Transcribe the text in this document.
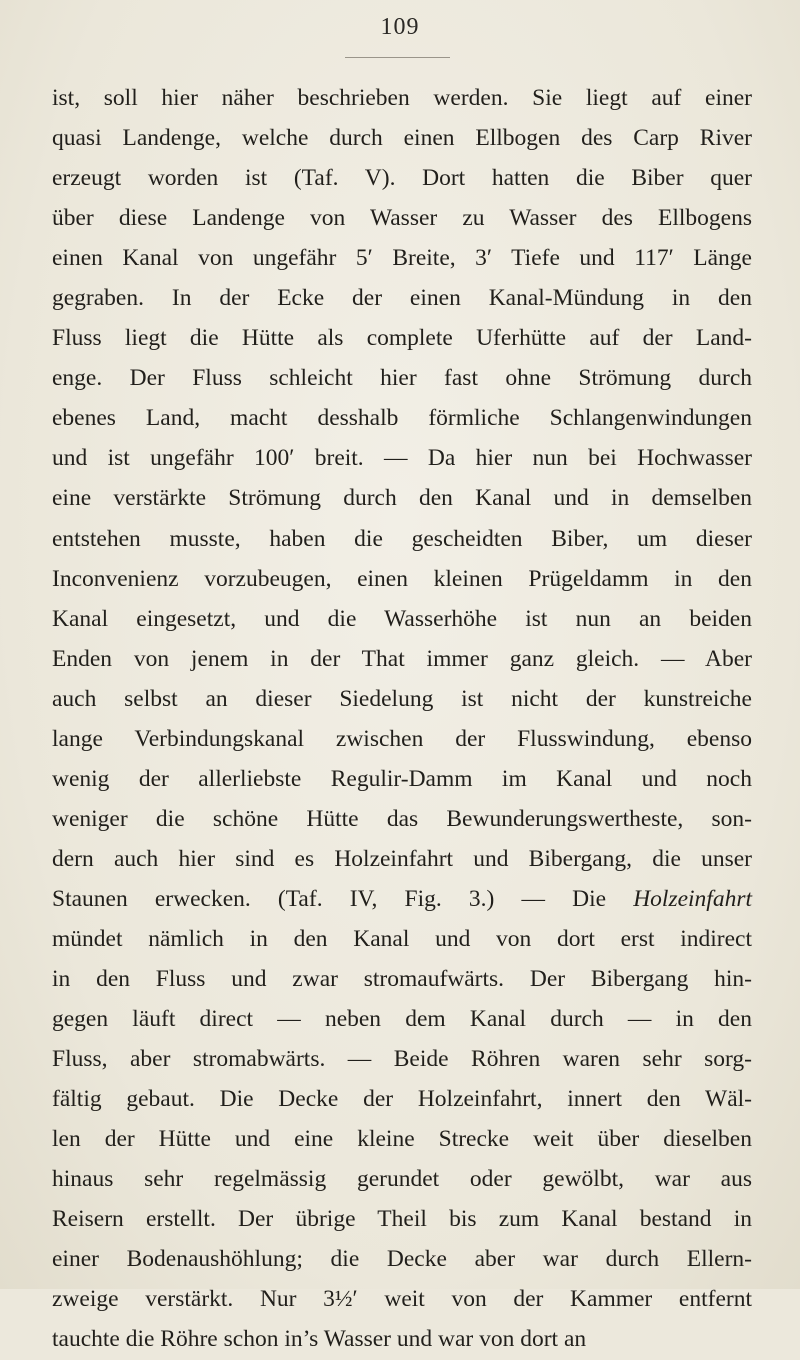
109
ist, soll hier näher beschrieben werden. Sie liegt auf einer
quasi Landenge, welche durch einen Ellbogen des Carp River
erzeugt worden ist (Taf. V). Dort hatten die Biber quer
über diese Landenge von Wasser zu Wasser des Ellbogens
einen Kanal von ungefähr 5′ Breite, 3′ Tiefe und 117′ Länge
gegraben. In der Ecke der einen Kanal-Mündung in den
Fluss liegt die Hütte als complete Uferhütte auf der Land-
enge. Der Fluss schleicht hier fast ohne Strömung durch
ebenes Land, macht desshalb förmliche Schlangenwindungen
und ist ungefähr 100′ breit. — Da hier nun bei Hochwasser
eine verstärkte Strömung durch den Kanal und in demselben
entstehen musste, haben die gescheidten Biber, um dieser
Inconvenienz vorzubeugen, einen kleinen Prügeldamm in den
Kanal eingesetzt, und die Wasserhöhe ist nun an beiden
Enden von jenem in der That immer ganz gleich. — Aber
auch selbst an dieser Siedelung ist nicht der kunstreiche
lange Verbindungskanal zwischen der Flusswindung, ebenso
wenig der allerliebste Regulir-Damm im Kanal und noch
weniger die schöne Hütte das Bewunderungswertheste, son-
dern auch hier sind es Holzeinfahrt und Bibergang, die unser
Staunen erwecken. (Taf. IV, Fig. 3.) — Die Holzeinfahrt
mündet nämlich in den Kanal und von dort erst indirect
in den Fluss und zwar stromaufwärts. Der Bibergang hin-
gegen läuft direct — neben dem Kanal durch — in den
Fluss, aber stromabwärts. — Beide Röhren waren sehr sorg-
fältig gebaut. Die Decke der Holzeinfahrt, innert den Wäl-
len der Hütte und eine kleine Strecke weit über dieselben
hinaus sehr regelmässig gerundet oder gewölbt, war aus
Reisern erstellt. Der übrige Theil bis zum Kanal bestand in
einer Bodenaushöhlung; die Decke aber war durch Ellern-
zweige verstärkt. Nur 3½′ weit von der Kammer entfernt
tauchte die Röhre schon in’s Wasser und war von dort an
